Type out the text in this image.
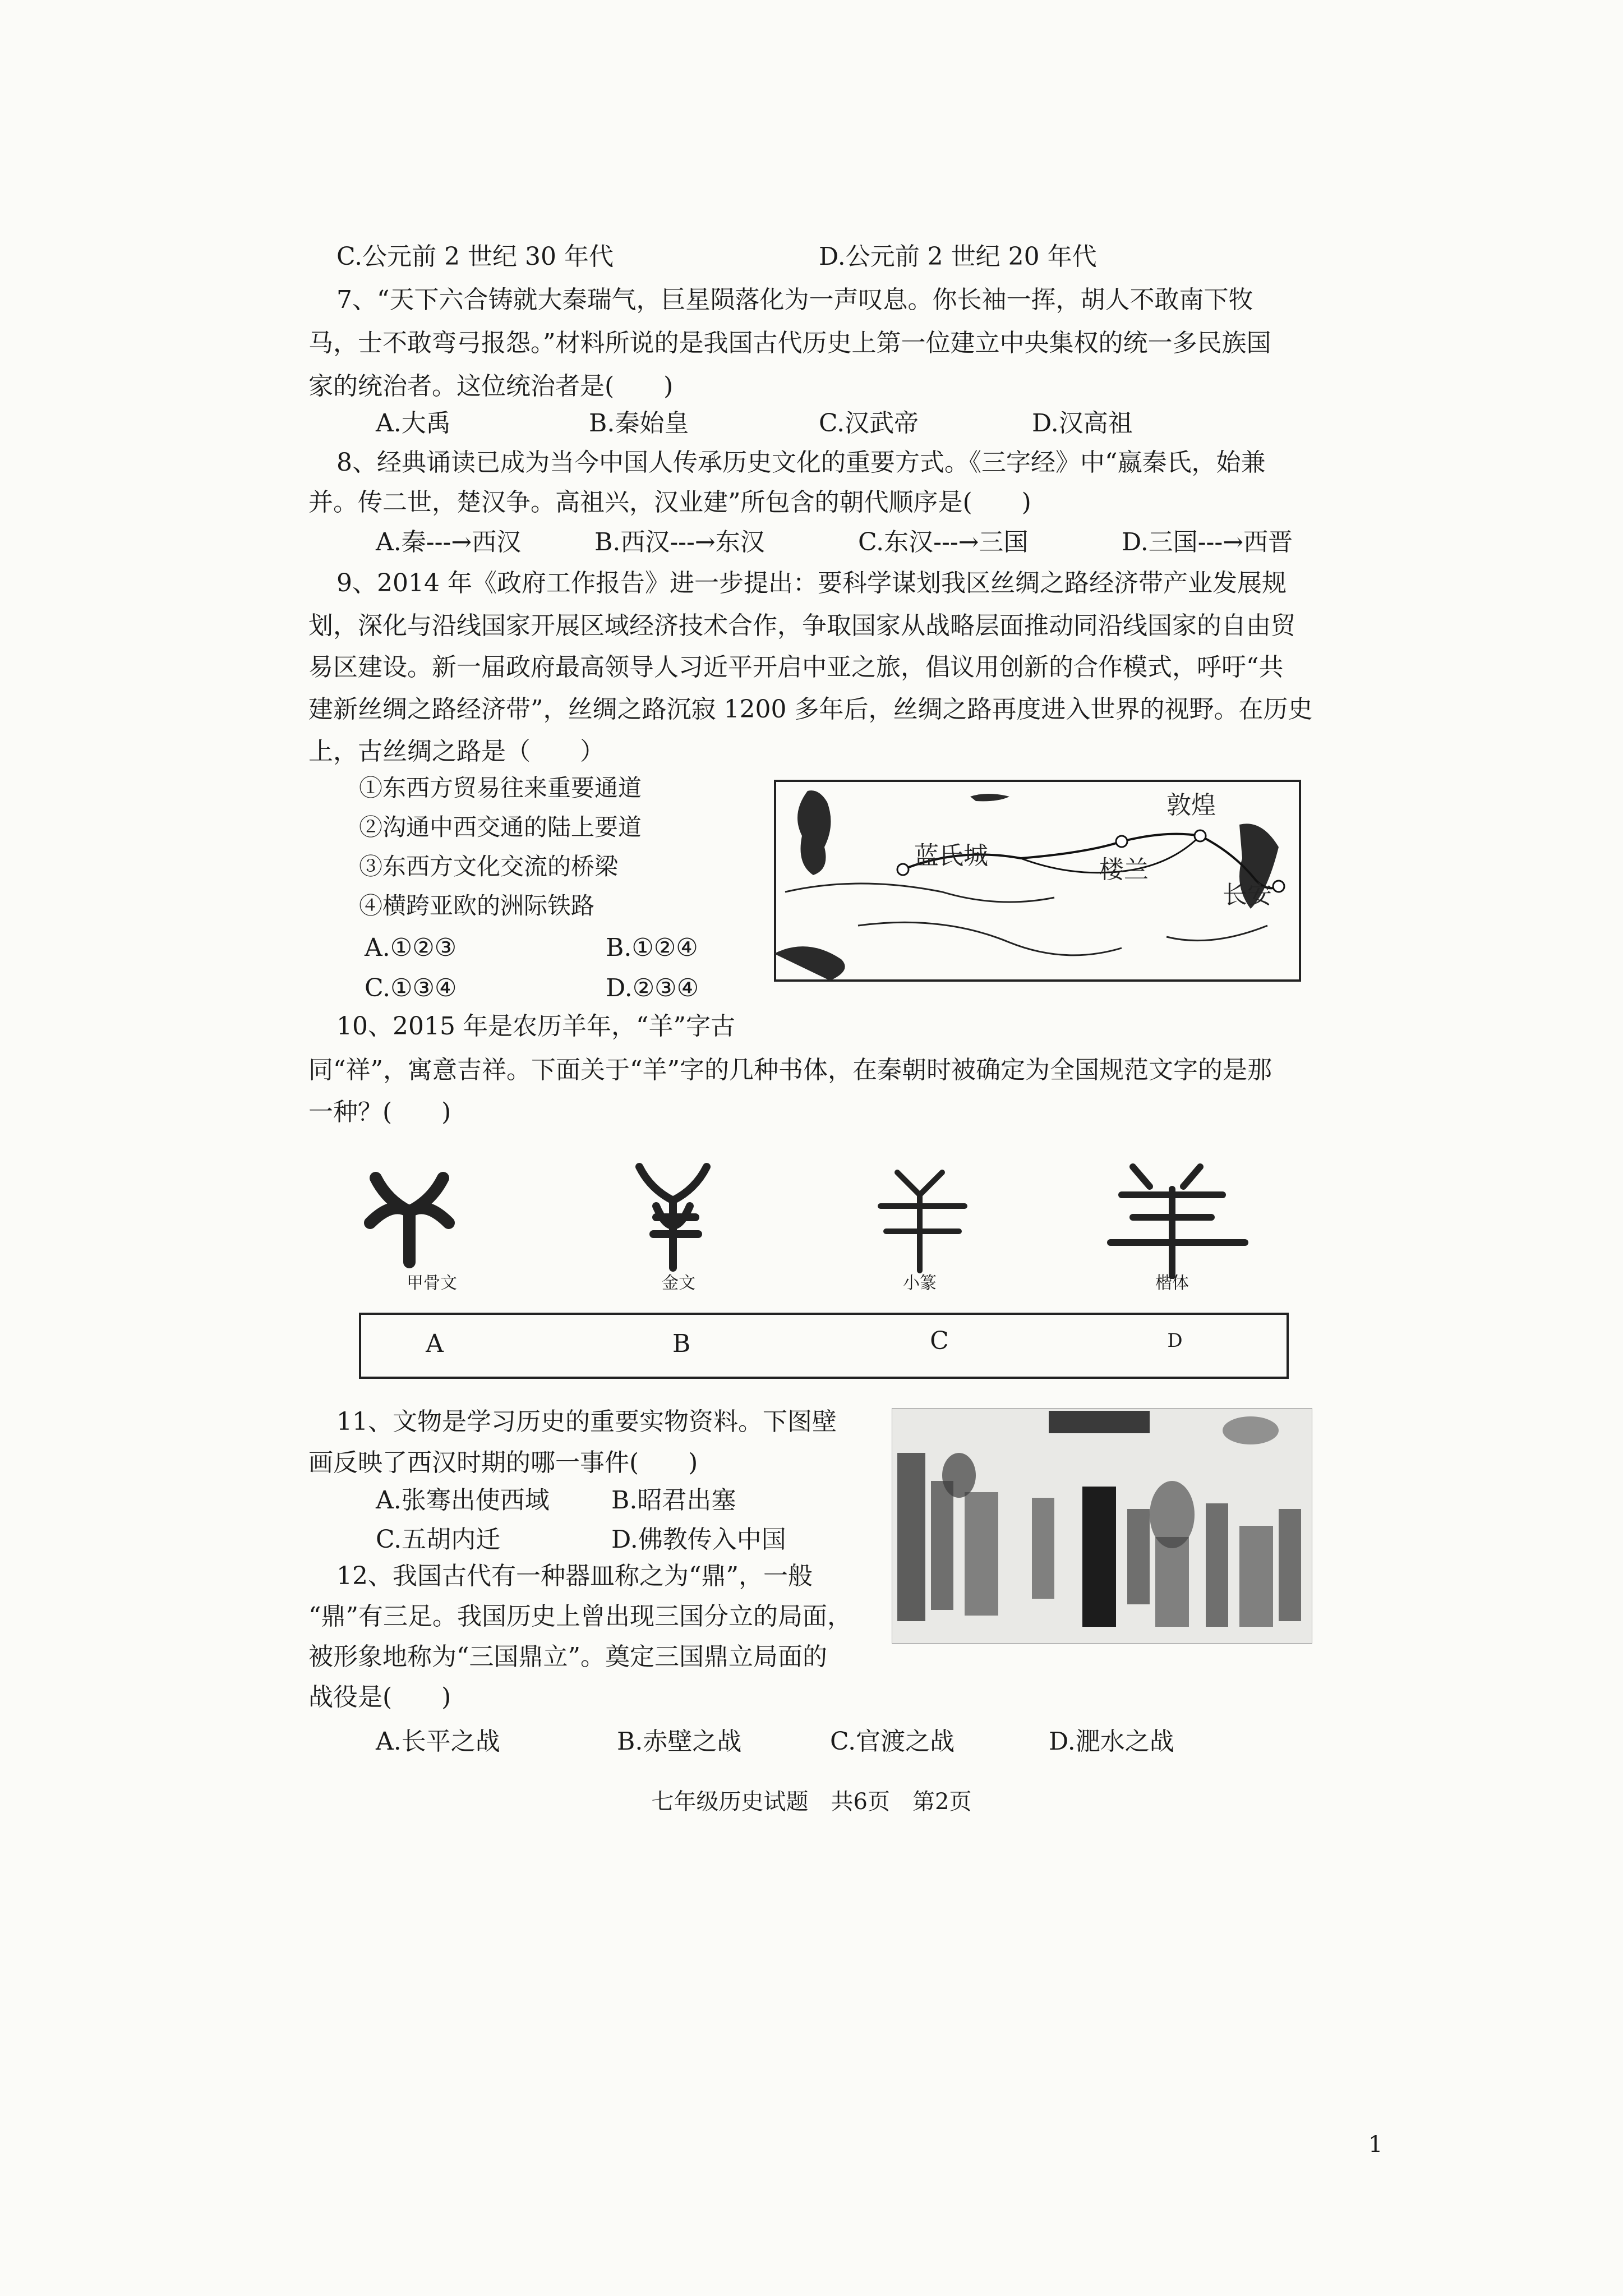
C.公元前 2 世纪 30 年代	D.公元前 2 世纪 20 年代
7、“天下六合铸就大秦瑞气，巨星陨落化为一声叹息。你长袖一挥，胡人不敢南下牧
马，士不敢弯弓报怨。”材料所说的是我国古代历史上第一位建立中央集权的统一多民族国
家的统治者。这位统治者是(　　)
A.大禹	B.秦始皇	C.汉武帝	D.汉高祖
8、经典诵读已成为当今中国人传承历史文化的重要方式。《三字经》中“嬴秦氏，始兼
并。传二世，楚汉争。高祖兴，汉业建”所包含的朝代顺序是(　　)
A.秦---→西汉	B.西汉---→东汉	C.东汉---→三国	D.三国---→西晋
9、2014 年《政府工作报告》进一步提出：要科学谋划我区丝绸之路经济带产业发展规
划，深化与沿线国家开展区域经济技术合作，争取国家从战略层面推动同沿线国家的自由贸
易区建设。新一届政府最高领导人习近平开启中亚之旅，倡议用创新的合作模式，呼吁“共
建新丝绸之路经济带”，丝绸之路沉寂 1200 多年后，丝绸之路再度进入世界的视野。在历史
上，古丝绸之路是（　　）
①东西方贸易往来重要通道
②沟通中西交通的陆上要道
③东西方文化交流的桥梁
④横跨亚欧的洲际铁路
A.①②③	B.①②④
C.①③④	D.②③④
敦煌
蓝氏城	楼兰
长安
10、2015 年是农历羊年，“羊”字古
同“祥”，寓意吉祥。下面关于“羊”字的几种书体，在秦朝时被确定为全国规范文字的是那
一种？(　　)
甲骨文	金文	小篆	楷体
A	B	C	D
11、文物是学习历史的重要实物资料。下图壁
画反映了西汉时期的哪一事件(　　)
A.张骞出使西域	B.昭君出塞
C.五胡内迁	D.佛教传入中国
12、我国古代有一种器皿称之为“鼎”，一般
“鼎”有三足。我国历史上曾出现三国分立的局面，
被形象地称为“三国鼎立”。奠定三国鼎立局面的
战役是(　　)
A.长平之战	B.赤壁之战	C.官渡之战	D.淝水之战
七年级历史试题　共6页　第2页
1
